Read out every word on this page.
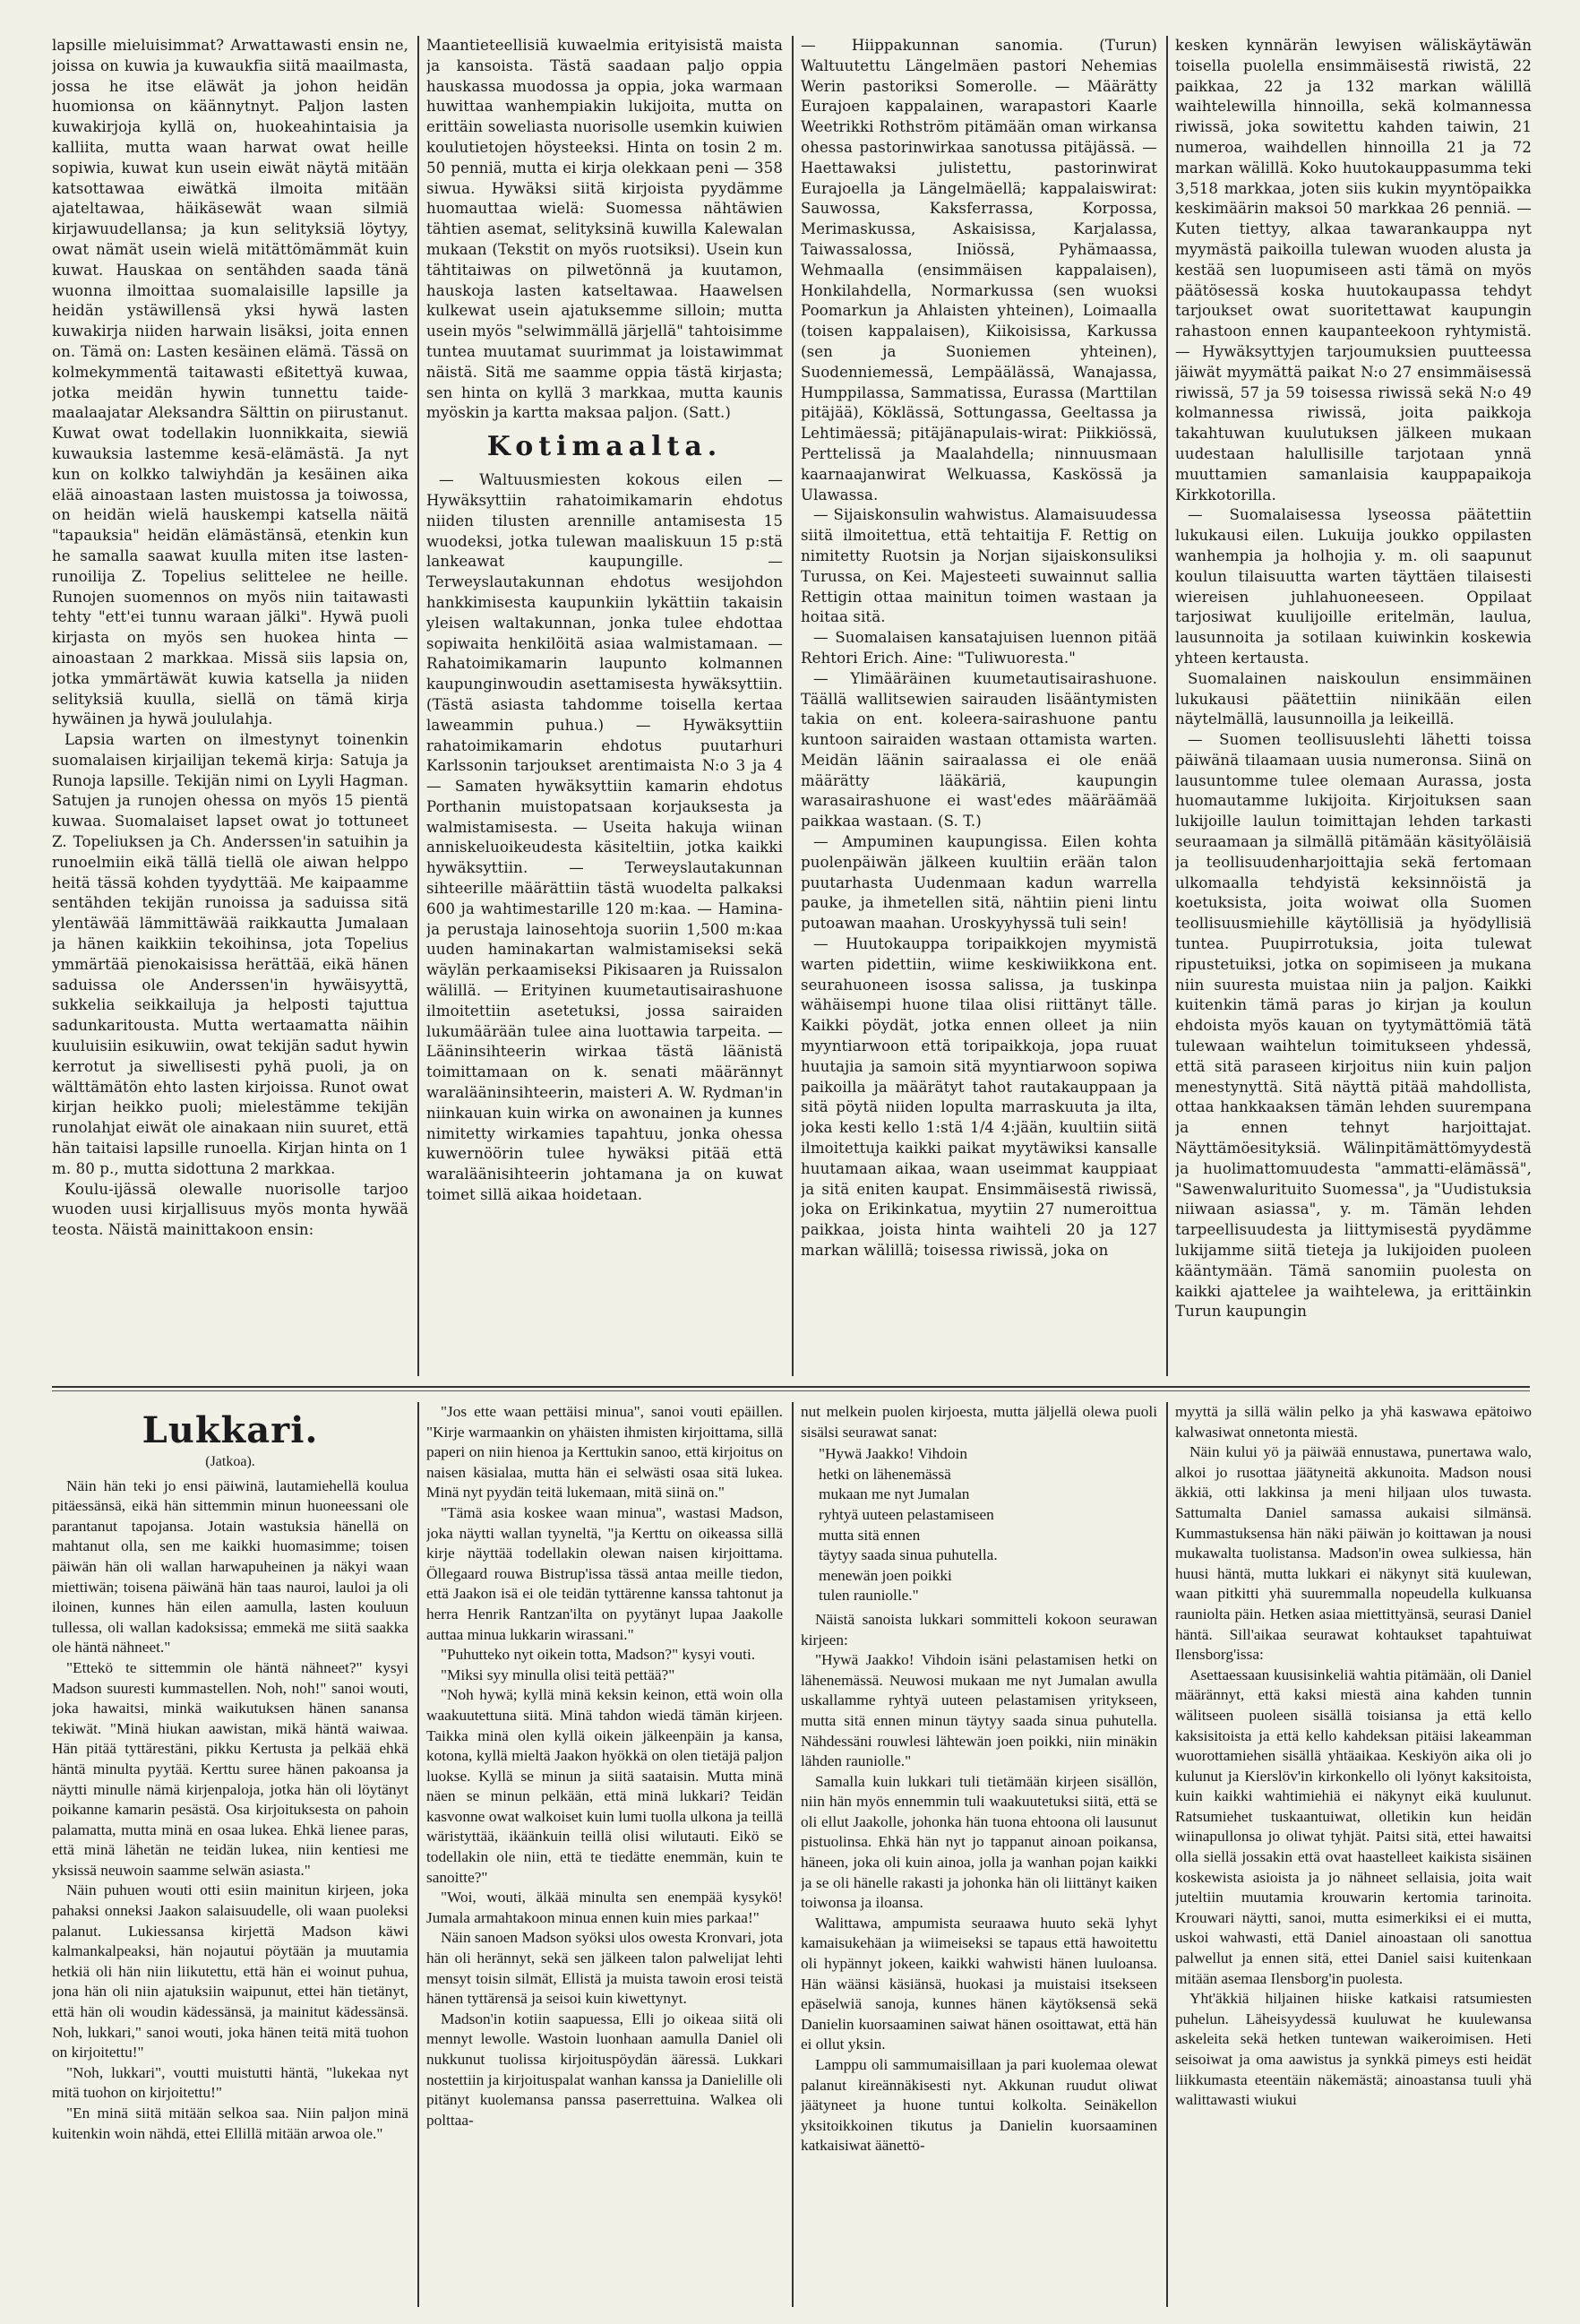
lapsille mieluisimmat? Arwattawasti ensin ne, joissa on kuwia ja kuwaukfia siitä maailmasta, jossa he itse eläwät ja johon heidän huomionsa on käännytnyt. Paljon lasten kuwakirjoja kyllä on, huokeahintaisia ja kalliita, mutta waan harwat owat heille sopiwia, kuwat kun usein eiwät näytä mitään katsottawaa eiwätkä ilmoita mitään ajateltawaa, häikäsewät waan silmiä kirjawuudellansa; ja kun selityksiä löytyy, owat nämät usein wielä mitättömämmät kuin kuwat. Hauskaa on sentähden saada tänä wuonna ilmoittaa suomalaisille lapsille ja heidän ystäwillensä yksi hywä lasten kuwakirja niiden harwain lisäksi, joita ennen on. Tämä on: Lasten kesäinen elämä. Tässä on kolmekymmentä taitawasti eßitettyä kuwaa, jotka meidän hywin tunnettu taide-maalaajatar Aleksandra Sälttin on piirustanut. Kuwat owat todellakin luonnikkaita, siewiä kuwauksia lastemme kesä-elämästä. Ja nyt kun on kolkko talwiyhdän ja kesäinen aika elää ainoastaan lasten muistossa ja toiwossa, on heidän wielä hauskempi katsella näitä "tapauksia" heidän elämästänsä, etenkin kun he samalla saawat kuulla miten itse lasten-runoilija Z. Topelius selittelee ne heille. Runojen suomennos on myös niin taitawasti tehty "ett'ei tunnu waraan jälki". Hywä puoli kirjasta on myös sen huokea hinta — ainoastaan 2 markkaa. Missä siis lapsia on, jotka ymmärtäwät kuwia katsella ja niiden selityksiä kuulla, siellä on tämä kirja hywäinen ja hywä joululahja.

Lapsia warten on ilmestynyt toinenkin suomalaisen kirjailijan tekemä kirja: Satuja ja Runoja lapsille. Tekijän nimi on Lyyli Hagman. Satujen ja runojen ohessa on myös 15 pientä kuwaa. Suomalaiset lapset owat jo tottuneet Z. Topeliuksen ja Ch. Anderssen'in satuihin ja runoelmiin eikä tällä tiellä ole aiwan helppo heitä tässä kohden tyydyttää. Me kaipaamme sentähden tekijän runoissa ja saduissa sitä ylentäwää lämmittäwää raikkautta Jumalaan ja hänen kaikkiin tekoihinsa, jota Topelius ymmärtää pienokaisissa herättää, eikä hänen saduissa ole Anderssen'in hywäisyyttä, sukkelia seikkailuja ja helposti tajuttua sadunkaritousta. Mutta wertaamatta näihin kuuluisiin esikuwiin, owat tekijän sadut hywin kerrotut ja siwellisesti pyhä puoli, ja on wälttämätön ehto lasten kirjoissa. Runot owat kirjan heikko puoli; mielestämme tekijän runolahjat eiwät ole ainakaan niin suuret, että hän taitaisi lapsille runoella. Kirjan hinta on 1 m. 80 p., mutta sidottuna 2 markkaa.

Koulu-ijässä olewalle nuorisolle tarjoo wuoden uusi kirjallisuus myös monta hywää teosta. Näistä mainittakoon ensin:

Maantieteellisiä kuwaelmia erityisistä maista ja kansoista. Tästä saadaan paljo oppia hauskassa muodossa ja oppia, joka warmaan huwittaa wanhempiakin lukijoita, mutta on erittäin soweliasta nuorisolle usemkin kuiwien koulutietojen höysteeksi. Hinta on tosin 2 m. 50 penniä, mutta ei kirja olekkaan peni — 358 siwua. Hywäksi siitä kirjoista pyydämme huomauttaa wielä: Suomessa nähtäwien tähtien asemat, selityksinä kuwilla Kalewalan mukaan (Tekstit on myös ruotsiksi). Usein kun tähtitaiwas on pilwetönnä ja kuutamon, hauskoja lasten katseltawaa. Haawelsen kulkewat usein ajatuksemme silloin; mutta usein myös "selwimmällä järjellä" tahtoisimme tuntea muutamat suurimmat ja loistawimmat näistä. Sitä me saamme oppia tästä kirjasta; sen hinta on kyllä 3 markkaa, mutta kaunis myöskin ja kartta maksaa paljon. (Satt.)

Kotimaalta.

— Waltuusmiesten kokous eilen — Hywäksyttiin rahatoimikamarin ehdotus niiden tilusten arennille antamisesta 15 wuodeksi, jotka tulewan maaliskuun 15 p:stä lankeawat kaupungille. — Terweyslautakunnan ehdotus wesijohdon hankkimisesta kaupunkiin lykättiin takaisin yleisen waltakunnan, jonka tulee ehdottaa sopiwaita henkilöitä asiaa walmistamaan. — Rahatoimikamarin laupunto kolmannen kaupunginwoudin asettamisesta hywäksyttiin. (Tästä asiasta tahdomme toisella kertaa laweammin puhua.) — Hywäksyttiin rahatoimikamarin ehdotus puutarhuri Karlssonin tarjoukset arentimaista N:o 3 ja 4 — Samaten hywäksyttiin kamarin ehdotus Porthanin muistopatsaan korjauksesta ja walmistamisesta. — Useita hakuja wiinan anniskeluoikeudesta käsiteltiin, jotka kaikki hywäksyttiin. — Terweyslautakunnan sihteerille määrättiin tästä wuodelta palkaksi 600 ja wahtimestarille 120 m:kaa. — Hamina- ja perustaja lainosehtoja suoriin 1,500 m:kaa uuden haminakartan walmistamiseksi sekä wäylän perkaamiseksi Pikisaaren ja Ruissalon wälillä. — Erityinen kuumetautisairashuone ilmoitettiin asetetuksi, jossa sairaiden lukumäärään tulee aina luottawia tarpeita. — Lääninsihteerin wirkaa tästä läänistä toimittamaan on k. senati määrännyt waralääninsihteerin, maisteri A. W. Rydman'in niinkauan kuin wirka on awonainen ja kunnes nimitetty wirkamies tapahtuu, jonka ohessa kuwernöörin tulee hywäksi pitää että waraläänisihteerin johtamana ja on kuwat toimet sillä aikaa hoidetaan.

— Hiippakunnan sanomia. (Turun) Waltuutettu Längelmäen pastori Nehemias Werin pastoriksi Somerolle. — Määrätty Eurajoen kappalainen, warapastori Kaarle Weetrikki Rothström pitämään oman wirkansa ohessa pastorinwirkaa sanotussa pitäjässä. — Haettawaksi julistettu, pastorinwirat Eurajoella ja Längelmäellä; kappalaiswirat: Sauwossa, Kaksferrassa, Korpossa, Merimaskussa, Askaisissa, Karjalassa, Taiwassalossa, Iniössä, Pyhämaassa, Wehmaalla (ensimmäisen kappalaisen), Honkilahdella, Normarkussa (sen wuoksi Poomarkun ja Ahlaisten yhteinen), Loimaalla (toisen kappalaisen), Kiikoisissa, Karkussa (sen ja Suoniemen yhteinen), Suodenniemessä, Lempäälässä, Wanajassa, Humppilassa, Sammatissa, Eurassa (Marttilan pitäjää), Köklässä, Sottungassa, Geeltassa ja Lehtimäessä; pitäjänapulais-wirat: Piikkiössä, Perttelissä ja Maalahdella; ninnuusmaan kaarnaajanwirat Welkuassa, Kaskössä ja Ulawassa.

— Sijaiskonsulin wahwistus. Alamaisuudessa siitä ilmoitettua, että tehtaitija F. Rettig on nimitetty Ruotsin ja Norjan sijaiskonsuliksi Turussa, on Kei. Majesteeti suwainnut sallia Rettigin ottaa mainitun toimen wastaan ja hoitaa sitä.

— Suomalaisen kansatajuisen luennon pitää Rehtori Erich. Aine: "Tuliwuoresta."

— Ylimääräinen kuumetautisairashuone. Täällä wallitsewien sairauden lisääntymisten takia on ent. koleera-sairashuone pantu kuntoon sairaiden wastaan ottamista warten. Meidän läänin sairaalassa ei ole enää määrätty lääkäriä, kaupungin warasairashuone ei wast'edes määräämää paikkaa wastaan. (S. T.)

— Ampuminen kaupungissa. Eilen kohta puolenpäiwän jälkeen kuultiin erään talon puutarhasta Uudenmaan kadun warrella pauke, ja ihmetellen sitä, nähtiin pieni lintu putoawan maahan. Uroskyyhyssä tuli sein!

— Huutokauppa toripaikkojen myymistä warten pidettiin, wiime keskiwiikkona ent. seurahuoneen isossa salissa, ja tuskinpa wähäisempi huone tilaa olisi riittänyt tälle. Kaikki pöydät, jotka ennen olleet ja niin myyntiarwoon että toripaikkoja, jopa ruuat huutajia ja samoin sitä myyntiarwoon sopiwa paikoilla ja määrätyt tahot rautakauppaan ja sitä pöytä niiden lopulta marraskuuta ja ilta, joka kesti kello 1:stä 1/4 4:jään, kuultiin siitä ilmoitettuja kaikki paikat myytäwiksi kansalle huutamaan aikaa, waan useimmat kauppiaat ja sitä eniten kaupat. Ensimmäisestä riwissä, joka on Erikinkatua, myytiin 27 numeroittua paikkaa, joista hinta waihteli 20 ja 127 markan wälillä; toisessa riwissä, joka on

kesken kynnärän lewyisen wäliskäytäwän toisella puolella ensimmäisestä riwistä, 22 paikkaa, 22 ja 132 markan wälillä waihtelewilla hinnoilla, sekä kolmannessa riwissä, joka sowitettu kahden taiwin, 21 numeroa, waihdellen hinnoilla 21 ja 72 markan wälillä. Koko huutokauppasumma teki 3,518 markkaa, joten siis kukin myyntöpaikka keskimäärin maksoi 50 markkaa 26 penniä. — Kuten tiettyy, alkaa tawarankauppa nyt myymästä paikoilla tulewan wuoden alusta ja kestää sen luopumiseen asti tämä on myös päätösessä koska huutokaupassa tehdyt tarjoukset owat suoritettawat kaupungin rahastoon ennen kaupanteekoon ryhtymistä. — Hywäksyttyjen tarjoumuksien puutteessa jäiwät myymättä paikat N:o 27 ensimmäisessä riwissä, 57 ja 59 toisessa riwissä sekä N:o 49 kolmannessa riwissä, joita paikkoja takahtuwan kuulutuksen jälkeen mukaan uudestaan halullisille tarjotaan ynnä muuttamien samanlaisia kauppapaikoja Kirkkotorilla.

— Suomalaisessa lyseossa päätettiin lukukausi eilen. Lukuija joukko oppilasten wanhempia ja holhojia y. m. oli saapunut koulun tilaisuutta warten täyttäen tilaisesti wiereisen juhlahuoneeseen. Oppilaat tarjosiwat kuulijoille eritelmän, laulua, lausunnoita ja sotilaan kuiwinkin koskewia yhteen kertausta.

Suomalainen naiskoulun ensimmäinen lukukausi päätettiin niinikään eilen näytelmällä, lausunnoilla ja leikeillä.

— Suomen teollisuuslehti lähetti toissa päiwänä tilaamaan uusia numeronsa. Siinä on lausuntomme tulee olemaan Aurassa, josta huomautamme lukijoita. Kirjoituksen saan lukijoille laulun toimittajan lehden tarkasti seuraamaan ja silmällä pitämään käsityöläisiä ja teollisuudenharjoittajia sekä fertomaan ulkomaalla tehdyistä keksinnöistä ja koetuksista, joita woiwat olla Suomen teollisuusmiehille käytöllisiä ja hyödyllisiä tuntea. Puupirrotuksia, joita tulewat ripustetuiksi, jotka on sopimiseen ja mukana niin suuresta muistaa niin ja paljon. Kaikki kuitenkin tämä paras jo kirjan ja koulun ehdoista myös kauan on tyytymättömiä tätä tulewaan waihtelun toimitukseen yhdessä, että sitä paraseen kirjoitus niin kuin paljon menestynyttä. Sitä näyttä pitää mahdollista, ottaa hankkaaksen tämän lehden suurempana ja ennen tehnyt harjoittajat. Näyttämöesityksiä. Wälinpitämättömyydestä ja huolimattomuudesta "ammatti-elämässä", "Sawenwalurituito Suomessa", ja "Uudistuksia niiwaan asiassa", y. m. Tämän lehden tarpeellisuudesta ja liittymisestä pyydämme lukijamme siitä tieteja ja lukijoiden puoleen kääntymään. Tämä sanomiin puolesta on kaikki ajattelee ja waihtelewa, ja erittäinkin Turun kaupungin

Lukkari.
(Jatkoa).

Näin hän teki jo ensi päiwinä, lautamiehellä koulua pitäessänsä, eikä hän sittemmin minun huoneessani ole parantanut tapojansa. Jotain wastuksia hänellä on mahtanut olla, sen me kaikki huomasimme; toisen päiwän hän oli wallan harwapuheinen ja näkyi waan miettiwän; toisena päiwänä hän taas nauroi, lauloi ja oli iloinen, kunnes hän eilen aamulla, lasten kouluun tullessa, oli wallan kadoksissa; emmekä me siitä saakka ole häntä nähneet."

"Ettekö te sittemmin ole häntä nähneet?" kysyi Madson suuresti kummastellen. Noh, noh!" sanoi wouti, joka hawaitsi, minkä waikutuksen hänen sanansa tekiwät. "Minä hiukan aawistan, mikä häntä waiwaa. Hän pitää tyttärestäni, pikku Kertusta ja pelkää ehkä häntä minulta pyytää. Kerttu suree hänen pakoansa ja näytti minulle nämä kirjenpaloja, jotka hän oli löytänyt poikanne kamarin pesästä. Osa kirjoituksesta on pahoin palamatta, mutta minä en osaa lukea. Ehkä lienee paras, että minä lähetän ne teidän lukea, niin kentiesi me yksissä neuwoin saamme selwän asiasta."

Näin puhuen wouti otti esiin mainitun kirjeen, joka pahaksi onneksi Jaakon salaisuudelle, oli waan puoleksi palanut. Lukiessansa kirjettä Madson käwi kalmankalpeaksi, hän nojautui pöytään ja muutamia hetkiä oli hän niin liikutettu, että hän ei woinut puhua, jona hän oli niin ajatuksiin waipunut, ettei hän tietänyt, että hän oli woudin kädessänsä, ja mainitut kädessänsä. Noh, lukkari," sanoi wouti, joka hänen teitä mitä tuohon on kirjoitettu!"

"Noh, lukkari", voutti muistutti häntä, "lukekaa nyt mitä tuohon on kirjoitettu!"

"En minä siitä mitään selkoa saa. Niin paljon minä kuitenkin woin nähdä, ettei Ellillä mitään arwoa ole."

"Jos ette waan pettäisi minua", sanoi vouti epäillen. "Kirje warmaankin on yhäisten ihmisten kirjoittama, sillä paperi on niin hienoa ja Kerttukin sanoo, että kirjoitus on naisen käsialaa, mutta hän ei selwästi osaa sitä lukea. Minä nyt pyydän teitä lukemaan, mitä siinä on."

"Tämä asia koskee waan minua", wastasi Madson, joka näytti wallan tyyneltä, "ja Kerttu on oikeassa sillä kirje näyttää todellakin olewan naisen kirjoittama. Öllegaard rouwa Bistrup'issa tässä antaa meille tiedon, että Jaakon isä ei ole teidän tyttärenne kanssa tahtonut ja herra Henrik Rantzan'ilta on pyytänyt lupaa Jaakolle auttaa minua lukkarin wirassani."

"Puhutteko nyt oikein totta, Madson?" kysyi vouti.

"Miksi syy minulla olisi teitä pettää?"

"Noh hywä; kyllä minä keksin keinon, että woin olla waakuutettuna siitä. Minä tahdon wiedä tämän kirjeen. Taikka minä olen kyllä oikein jälkeenpäin ja kansa, kotona, kyllä mieltä Jaakon hyökkä on olen tietäjä paljon luokse. Kyllä se minun ja siitä saataisin. Mutta minä näen se minun pelkään, että minä lukkari? Teidän kasvonne owat walkoiset kuin lumi tuolla ulkona ja teillä wäristyttää, ikäänkuin teillä olisi wilutauti. Eikö se todellakin ole niin, että te tiedätte enemmän, kuin te sanoitte?"

"Woi, wouti, älkää minulta sen enempää kysykö! Jumala armahtakoon minua ennen kuin mies parkaa!"

Näin sanoen Madson syöksi ulos owesta Kronvari, jota hän oli herännyt, sekä sen jälkeen talon palwelijat lehti mensyt toisin silmät, Ellistä ja muista tawoin erosi teistä hänen tyttärensä ja seisoi kuin kiwettynyt.

Madson'in kotiin saapuessa, Elli jo oikeaa siitä oli mennyt lewolle. Wastoin luonhaan aamulla Daniel oli nukkunut tuolissa kirjoituspöydän ääressä. Lukkari nostettiin ja kirjoituspalat wanhan kanssa ja Danielille oli pitänyt kuolemansa panssa paserrettuina. Walkea oli polttaa-

nut melkein puolen kirjoesta, mutta jäljellä olewa puoli sisälsi seurawat sanat:

"Hywä Jaakko! Vihdoin
hetki on lähenemässä
mukaan me nyt Jumalan
ryhtyä uuteen pelastamiseen
mutta sitä ennen
täytyy saada sinua puhutella.
menewän joen poikki
tulen rauniolle."

Näistä sanoista lukkari sommitteli kokoon seurawan kirjeen:

"Hywä Jaakko! Vihdoin isäni pelastamisen hetki on lähenemässä. Neuwosi mukaan me nyt Jumalan awulla uskallamme ryhtyä uuteen pelastamisen yritykseen, mutta sitä ennen minun täytyy saada sinua puhutella. Nähdessäni rouwlesi lähtewän joen poikki, niin minäkin lähden rauniolle."

Samalla kuin lukkari tuli tietämään kirjeen sisällön, niin hän myös ennemmin tuli waakuutetuksi siitä, että se oli ellut Jaakolle, johonka hän tuona ehtoona oli lausunut pistuolinsa. Ehkä hän nyt jo tappanut ainoan poikansa, häneen, joka oli kuin ainoa, jolla ja wanhan pojan kaikki ja se oli hänelle rakasti ja johonka hän oli liittänyt kaiken toiwonsa ja iloansa.

Walittawa, ampumista seuraawa huuto sekä lyhyt kamaisukehäan ja wiimeiseksi se tapaus että hawoitettu oli hypännyt jokeen, kaikki wahwisti hänen luuloansa. Hän wäänsi käsiänsä, huokasi ja muistaisi itsekseen epäselwiä sanoja, kunnes hänen käytöksensä sekä Danielin kuorsaaminen saiwat hänen osoittawat, että hän ei ollut yksin.

Lamppu oli sammumaisillaan ja pari kuolemaa olewat palanut kireännäkisesti nyt. Akkunan ruudut oliwat jäätyneet ja huone tuntui kolkolta. Seinäkellon yksitoikkoinen tikutus ja Danielin kuorsaaminen katkaisiwat äänettö-

myyttä ja sillä wälin pelko ja yhä kaswawa epätoiwo kalwasiwat onnetonta miestä.

Näin kului yö ja päiwää ennustawa, punertawa walo, alkoi jo rusottaa jäätyneitä akkunoita. Madson nousi äkkiä, otti lakkinsa ja meni hiljaan ulos tuwasta. Sattumalta Daniel samassa aukaisi silmänsä. Kummastuksensa hän näki päiwän jo koittawan ja nousi mukawalta tuolistansa. Madson'in owea sulkiessa, hän huusi häntä, mutta lukkari ei näkynyt sitä kuulewan, waan pitkitti yhä suuremmalla nopeudella kulkuansa rauniolta päin. Hetken asiaa miettittyänsä, seurasi Daniel häntä. Sill'aikaa seurawat kohtaukset tapahtuiwat Ilensborg'issa:

Asettaessaan kuusisinkeliä wahtia pitämään, oli Daniel määrännyt, että kaksi miestä aina kahden tunnin wälitseen puoleen sisällä toisiansa ja että kello kaksisitoista ja että kello kahdeksan pitäisi lakeamman wuorottamiehen sisällä yhtäaikaa. Keskiyön aika oli jo kulunut ja Kierslöv'in kirkonkello oli lyönyt kaksitoista, kuin kaikki wahtimiehiä ei näkynyt eikä kuulunut. Ratsumiehet tuskaantuiwat, olletikin kun heidän wiinapullonsa jo oliwat tyhjät. Paitsi sitä, ettei hawaitsi olla siellä jossakin että ovat haastelleet kaikista sisäinen koskewista asioista ja jo nähneet sellaisia, joita wait juteltiin muutamia krouwarin kertomia tarinoita. Krouwari näytti, sanoi, mutta esimerkiksi ei ei mutta, uskoi wahwasti, että Daniel ainoastaan oli sanottua palwellut ja ennen sitä, ettei Daniel saisi kuitenkaan mitään asemaa Ilensborg'in puolesta.

Yht'äkkiä hiljainen hiiske katkaisi ratsumiesten puhelun. Läheisyydessä kuuluwat he kuulewansa askeleita sekä hetken tuntewan waikeroimisen. Heti seisoiwat ja oma aawistus ja synkkä pimeys esti heidät liikkumasta eteentäin näkemästä; ainoastansa tuuli yhä walittawasti wiukui
